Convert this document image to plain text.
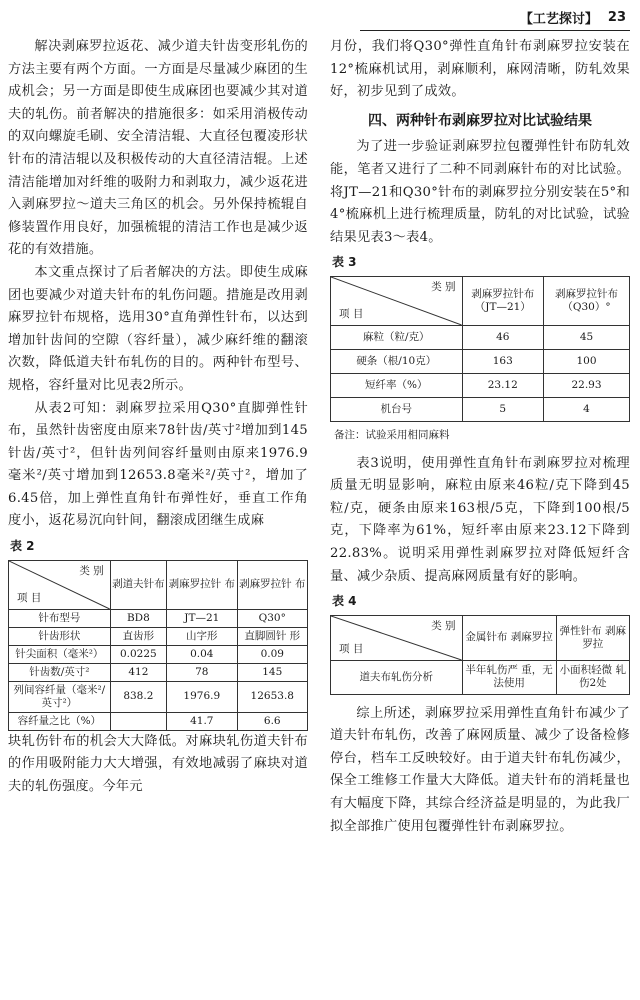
【工艺探讨】 23

解决剥麻罗拉返花、减少道夫针齿变形轧伤的方法主要有两个方面。一方面是尽量减少麻团的生成机会；另一方面是即使生成麻团也要减少其对道夫的轧伤。前者解决的措施很多：如采用消极传动的双向螺旋毛刷、安全清洁辊、大直径包覆凌形状针布的清洁辊以及积极传动的大直径清洁辊。上述清洁能增加对纤维的吸附力和剥取力，减少返花进入剥麻罗拉～道夫三角区的机会。另外保持梳辊自修装置作用良好，加强梳辊的清洁工作也是减少返花的有效措施。

本文重点探讨了后者解决的方法。即使生成麻团也要减少对道夫针布的轧伤问题。措施是改用剥麻罗拉针布规格，选用30°直角弹性针布，以达到增加针齿间的空隙（容纤量），减少麻纤维的翻滚次数，降低道夫针布轧伤的目的。两种针布型号、规格，容纤量对比见表2所示。

从表2可知：剥麻罗拉采用Q30°直脚弹性针布，虽然针齿密度由原来78针齿/英寸²增加到145针齿/英寸²，但针齿列间容纤量则由原来1976.9毫米²/英寸增加到12653.8毫米²/英寸²，增加了6.45倍，加上弹性直角针布弹性好，垂直工作角度小，返花易沉向针间，翻滚成团继生成麻

表 2
类 别
项 目	剥道夫针布	剥麻罗拉针 布	剥麻罗拉针 布
针布型号	BD8	JT—21	Q30°
针齿形状	直齿形	山字形	直脚圆针 形
针尖面积（毫米²）	0.0225	0.04	0.09
针齿数/英寸²	412	78	145
列间容纤量（毫米²/英寸²）	838.2	1976.9	12653.8
容纤量之比（%）		41.7	6.6

块轧伤针布的机会大大降低。对麻块轧伤道夫针布的作用吸附能力大大增强，有效地减弱了麻块对道夫的轧伤强度。今年元

月份，我们将Q30°弹性直角针布剥麻罗拉安装在12°梳麻机试用，剥麻顺利，麻网清晰，防轧效果好，初步见到了成效。

四、两种针布剥麻罗拉对比试验结果

为了进一步验证剥麻罗拉包覆弹性针布防轧效能，笔者又进行了二种不同剥麻针布的对比试验。将JT—21和Q30°针布的剥麻罗拉分别安装在5°和4°梳麻机上进行梳理质量，防轧的对比试验，试验结果见表3～表4。

表 3
类 别
项 目	剥麻罗拉针布 （JT—21）	剥麻罗拉针布 （Q30）°
麻粒（粒/克）	46	45
硬条（根/10克）	163	100
短纤率（%）	23.12	22.93
机台号	5	4
备注：试验采用相同麻料

表3说明，使用弹性直角针布剥麻罗拉对梳理质量无明显影响，麻粒由原来46粒/克下降到45粒/克，硬条由原来163根/5克，下降到100根/5克，下降率为61%，短纤率由原来23.12下降到22.83%。说明采用弹性剥麻罗拉对降低短纤含量、减少杂质、提高麻网质量有好的影响。

表 4
类 别
项 目	金属针布 剥麻罗拉	弹性针布 剥麻罗拉
道夫布轧伤分析	半年轧伤严 重，无法使用	小面积轻微 轧伤2处

综上所述，剥麻罗拉采用弹性直角针布减少了道夫针布轧伤，改善了麻网质量、减少了设备检修停台，档车工反映较好。由于道夫针布轧伤减少，保全工维修工作量大大降低。道夫针布的消耗量也有大幅度下降，其综合经济益是明显的，为此我厂拟全部推广使用包覆弹性针布剥麻罗拉。
